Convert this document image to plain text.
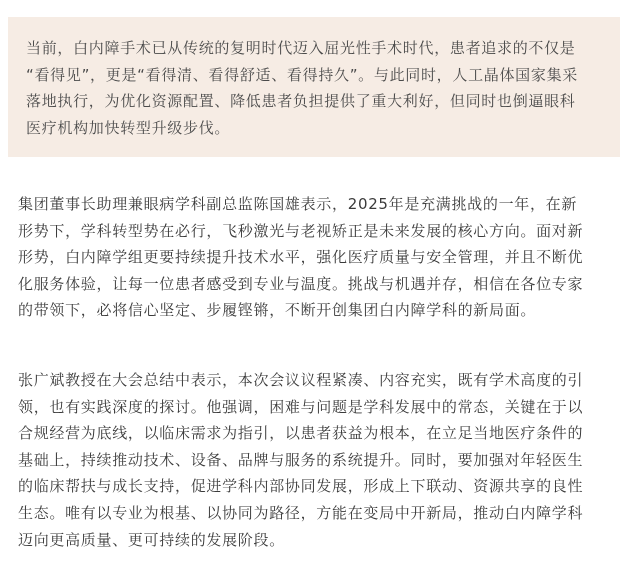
当前，白内障手术已从传统的复明时代迈入屈光性手术时代，患者追求的不仅是
“看得见”，更是“看得清、看得舒适、看得持久”。与此同时，人工晶体国家集采
落地执行，为优化资源配置、降低患者负担提供了重大利好，但同时也倒逼眼科
医疗机构加快转型升级步伐。

集团董事长助理兼眼病学科副总监陈国雄表示，2025年是充满挑战的一年，在新
形势下，学科转型势在必行，飞秒激光与老视矫正是未来发展的核心方向。面对新
形势，白内障学组更要持续提升技术水平，强化医疗质量与安全管理，并且不断优
化服务体验，让每一位患者感受到专业与温度。挑战与机遇并存，相信在各位专家
的带领下，必将信心坚定、步履铿锵，不断开创集团白内障学科的新局面。

张广斌教授在大会总结中表示，本次会议议程紧凑、内容充实，既有学术高度的引
领，也有实践深度的探讨。他强调，困难与问题是学科发展中的常态，关键在于以
合规经营为底线，以临床需求为指引，以患者获益为根本，在立足当地医疗条件的
基础上，持续推动技术、设备、品牌与服务的系统提升。同时，要加强对年轻医生
的临床帮扶与成长支持，促进学科内部协同发展，形成上下联动、资源共享的良性
生态。唯有以专业为根基、以协同为路径，方能在变局中开新局，推动白内障学科
迈向更高质量、更可持续的发展阶段。
